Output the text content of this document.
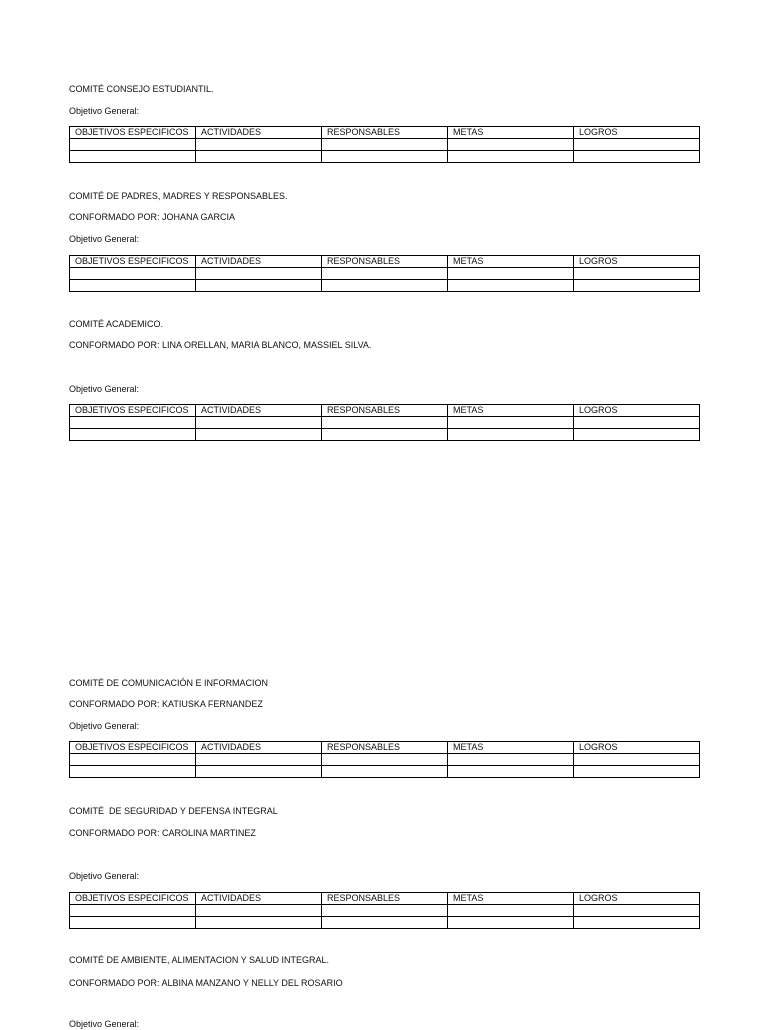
COMITÉ CONSEJO ESTUDIANTIL.
Objetivo General:
OBJETIVOS ESPECIFICOS	ACTIVIDADES	RESPONSABLES	METAS	LOGROS

COMITÉ DE PADRES, MADRES Y RESPONSABLES.
CONFORMADO POR: JOHANA GARCIA
Objetivo General:
OBJETIVOS ESPECIFICOS	ACTIVIDADES	RESPONSABLES	METAS	LOGROS

COMITÉ ACADEMICO.
CONFORMADO POR: LINA ORELLAN, MARIA BLANCO, MASSIEL SILVA.
Objetivo General:
OBJETIVOS ESPECIFICOS	ACTIVIDADES	RESPONSABLES	METAS	LOGROS

COMITÉ DE COMUNICACIÓN E INFORMACION
CONFORMADO POR: KATIUSKA FERNANDEZ
Objetivo General:
OBJETIVOS ESPECIFICOS	ACTIVIDADES	RESPONSABLES	METAS	LOGROS

COMITÉ  DE SEGURIDAD Y DEFENSA INTEGRAL
CONFORMADO POR: CAROLINA MARTINEZ
Objetivo General:
OBJETIVOS ESPECIFICOS	ACTIVIDADES	RESPONSABLES	METAS	LOGROS

COMITÉ DE AMBIENTE, ALIMENTACION Y SALUD INTEGRAL.
CONFORMADO POR: ALBINA MANZANO Y NELLY DEL ROSARIO
Objetivo General:
